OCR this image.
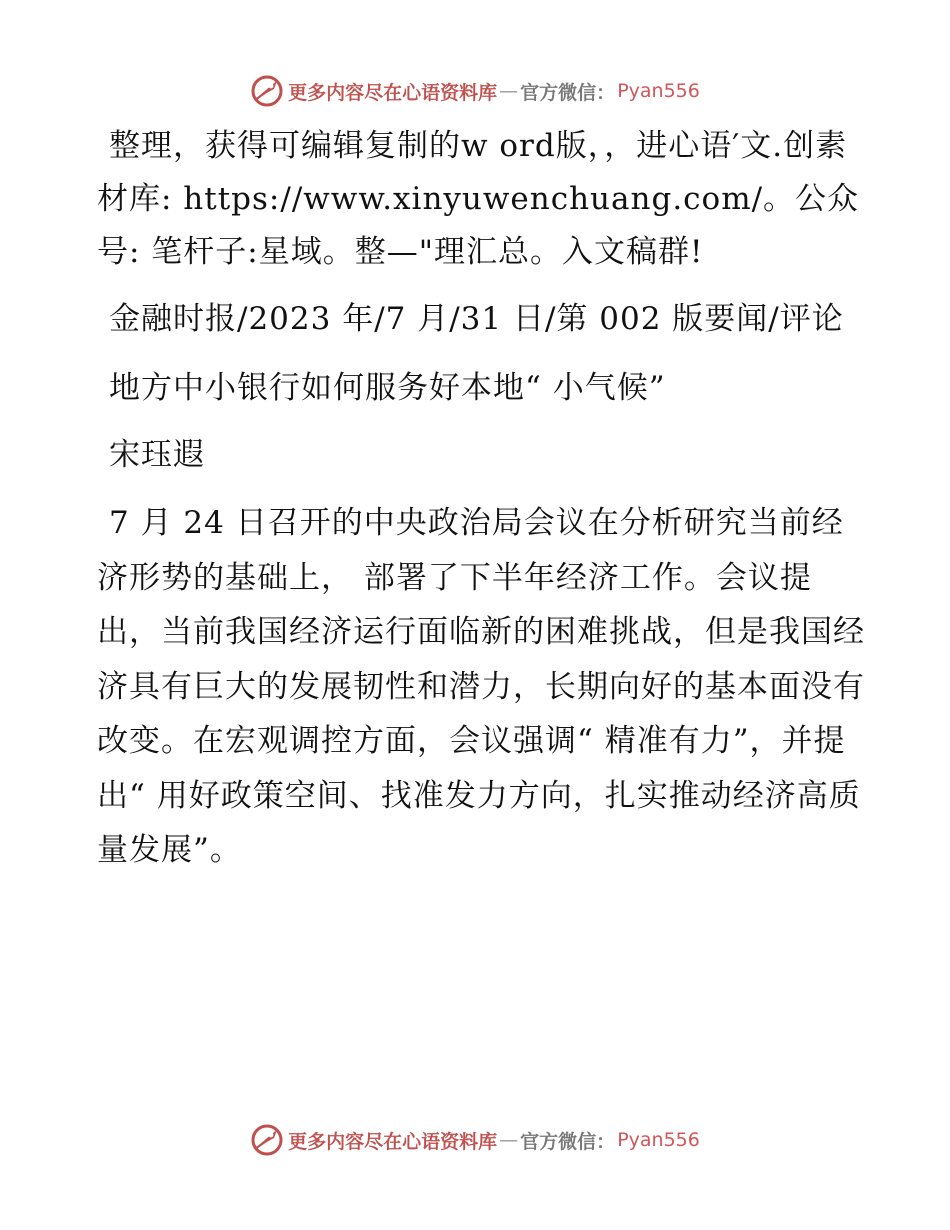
更多内容尽在心语资料库 — 官方微信： Pyan556

整理，获得可编辑复制的w ord版，，进心语′文.创素材库: https://www.xinyuwenchuang.com/。公众号: 笔杆子:星域。整—"理汇总。入文稿群!

金融时报/2023 年/7 月/31 日/第 002 版要闻/评论

地方中小银行如何服务好本地“ 小气候”

宋珏遐

7 月 24 日召开的中央政治局会议在分析研究当前经济形势的基础上， 部署了下半年经济工作。会议提出，当前我国经济运行面临新的困难挑战，但是我国经济具有巨大的发展韧性和潜力，长期向好的基本面没有改变。在宏观调控方面，会议强调“ 精准有力”，并提出“ 用好政策空间、找准发力方向，扎实推动经济高质量发展”。

更多内容尽在心语资料库 — 官方微信： Pyan556
